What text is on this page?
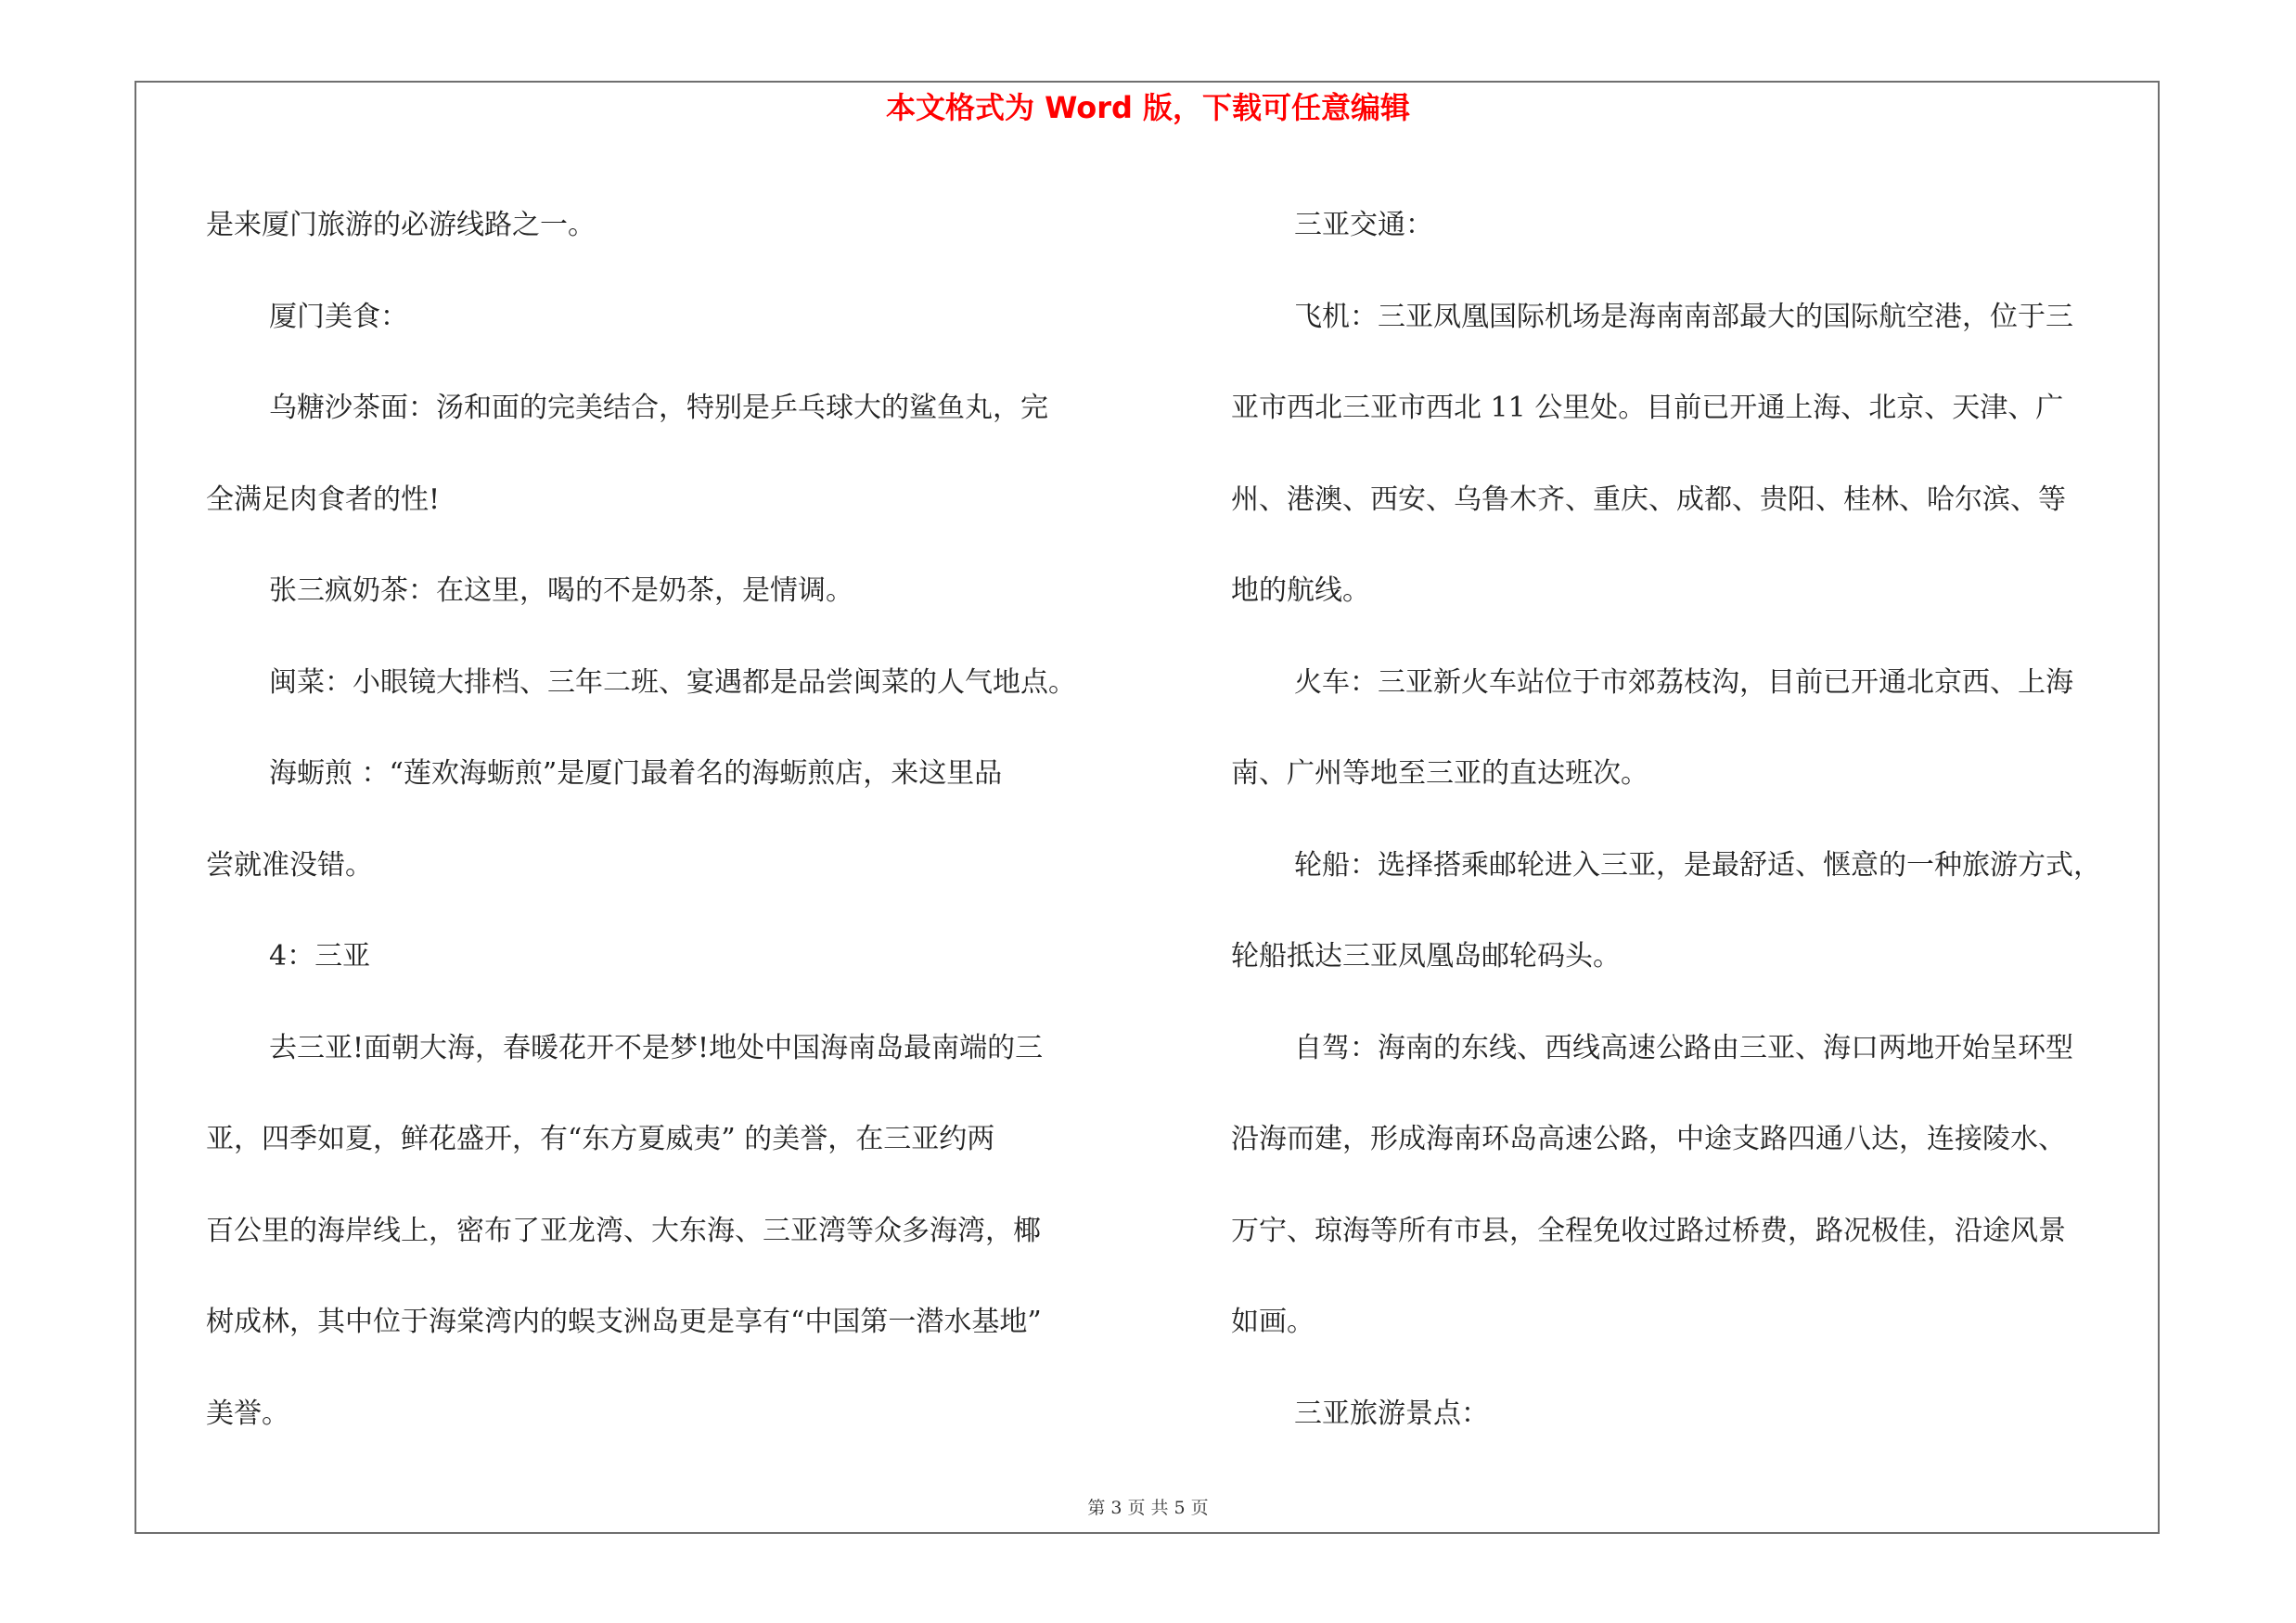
本文格式为 Word 版，下载可任意编辑

是来厦门旅游的必游线路之一。

厦门美食：

乌糖沙茶面：汤和面的完美结合，特别是乒乓球大的鲨鱼丸，完

全满足肉食者的性!

张三疯奶茶：在这里，喝的不是奶茶，是情调。

闽菜：小眼镜大排档、三年二班、宴遇都是品尝闽菜的人气地点。

海蛎煎 ：“莲欢海蛎煎”是厦门最着名的海蛎煎店，来这里品

尝就准没错。

4：三亚

去三亚!面朝大海，春暖花开不是梦!地处中国海南岛最南端的三

亚，四季如夏，鲜花盛开，有“东方夏威夷” 的美誉，在三亚约两

百公里的海岸线上，密布了亚龙湾、大东海、三亚湾等众多海湾，椰

树成林，其中位于海棠湾内的蜈支洲岛更是享有“中国第一潜水基地”

美誉。

三亚交通：

飞机：三亚凤凰国际机场是海南南部最大的国际航空港，位于三

亚市西北三亚市西北 11 公里处。目前已开通上海、北京、天津、广

州、港澳、西安、乌鲁木齐、重庆、成都、贵阳、桂林、哈尔滨、等

地的航线。

火车：三亚新火车站位于市郊荔枝沟，目前已开通北京西、上海

南、广州等地至三亚的直达班次。

轮船：选择搭乘邮轮进入三亚，是最舒适、惬意的一种旅游方式，

轮船抵达三亚凤凰岛邮轮码头。

自驾：海南的东线、西线高速公路由三亚、海口两地开始呈环型

沿海而建，形成海南环岛高速公路，中途支路四通八达，连接陵水、

万宁、琼海等所有市县，全程免收过路过桥费，路况极佳，沿途风景

如画。

三亚旅游景点：

第 3 页 共 5 页
